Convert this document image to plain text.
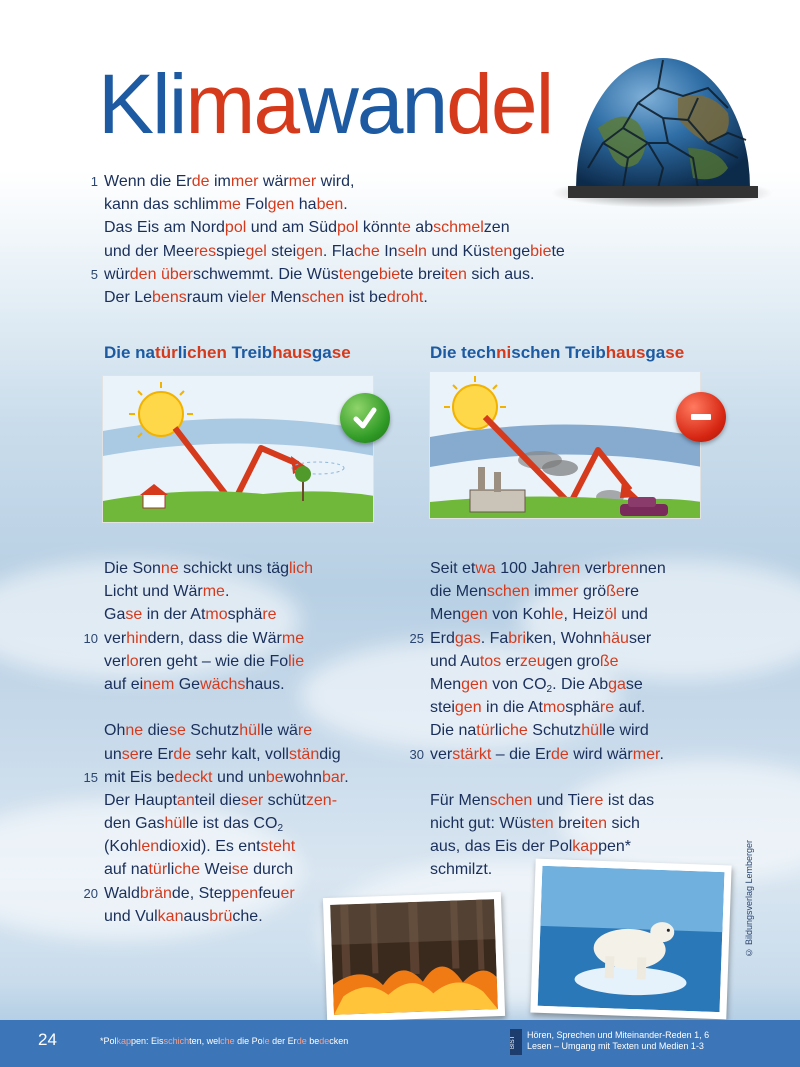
Klimawandel
1 Wenn die Erde immer wärmer wird,
kann das schlimme Folgen haben.
Das Eis am Nordpol und am Südpol könnte abschmelzen
und der Meeresspiegel steigen. Flache Inseln und Küstengebiete
5 würden überschwemmt. Die Wüstengebiete breiten sich aus.
Der Lebensraum vieler Menschen ist bedroht.
Die natürlichen Treibhausgase	Die technischen Treibhausgase
Die Sonne schickt uns täglich
Licht und Wärme.
Gase in der Atmosphäre
10 verhindern, dass die Wärme
verloren geht – wie die Folie
auf einem Gewächshaus.
Ohne diese Schutzhülle wäre
unsere Erde sehr kalt, vollständig
15 mit Eis bedeckt und unbewohnbar.
Der Hauptanteil dieser schützen-
den Gashülle ist das $CO_2$
(Kohlendioxid). Es entsteht
auf natürliche Weise durch
20 Waldbrände, Steppenfeuer
und Vulkanausbrüche.
Seit etwa 100 Jahren verbrennen
die Menschen immer größere
Mengen von Kohle, Heizöl und
25 Erdgas. Fabriken, Wohnhäuser
und Autos erzeugen große
Mengen von $CO_2$. Die Abgase
steigen in die Atmosphäre auf.
Die natürliche Schutzhülle wird
30 verstärkt – die Erde wird wärmer.
Für Menschen und Tiere ist das
nicht gut: Wüsten breiten sich
aus, das Eis der Polkappen*
schmilzt.	© Bildungsverlag Lemberger
24	*Polkappen: Eisschichten, welche die Pole der Erde bedecken	BIST
Hören, Sprechen und Miteinander-Reden 1, 6
Lesen – Umgang mit Texten und Medien 1-3
